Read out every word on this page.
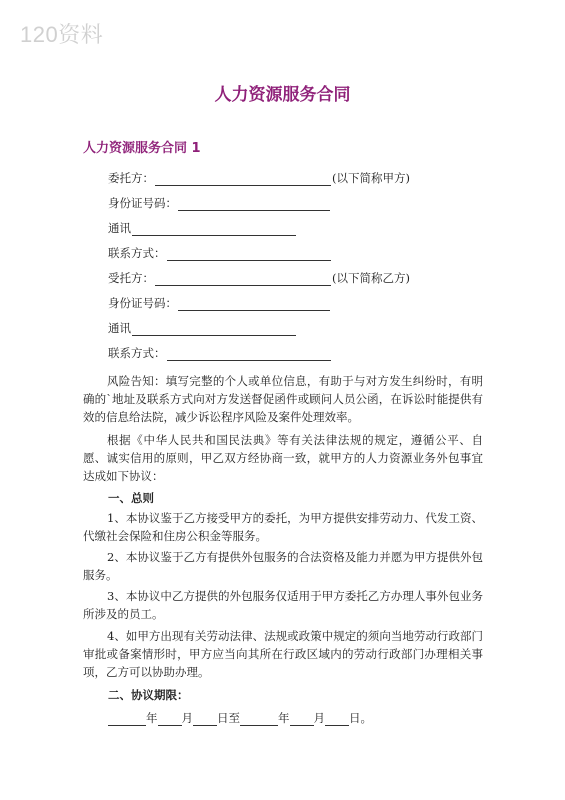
120资料
人力资源服务合同
人力资源服务合同 1
委托方：	(以下简称甲方)
身份证号码：
通讯
联系方式：
受托方：	(以下简称乙方)
身份证号码：
通讯
联系方式：
风险告知：填写完整的个人或单位信息，有助于与对方发生纠纷时，有明确的`地址及联系方式向对方发送督促函件或顾问人员公函，在诉讼时能提供有效的信息给法院，减少诉讼程序风险及案件处理效率。
根据《中华人民共和国民法典》等有关法律法规的规定，遵循公平、自愿、诚实信用的原则，甲乙双方经协商一致，就甲方的人力资源业务外包事宜达成如下协议：
一、总则
1、本协议鉴于乙方接受甲方的委托，为甲方提供安排劳动力、代发工资、代缴社会保险和住房公积金等服务。
2、本协议鉴于乙方有提供外包服务的合法资格及能力并愿为甲方提供外包服务。
3、本协议中乙方提供的外包服务仅适用于甲方委托乙方办理人事外包业务所涉及的员工。
4、如甲方出现有关劳动法律、法规或政策中规定的须向当地劳动行政部门审批或备案情形时，甲方应当向其所在行政区域内的劳动行政部门办理相关事项，乙方可以协助办理。
二、协议期限：
年 月 日至	年 月 日。
